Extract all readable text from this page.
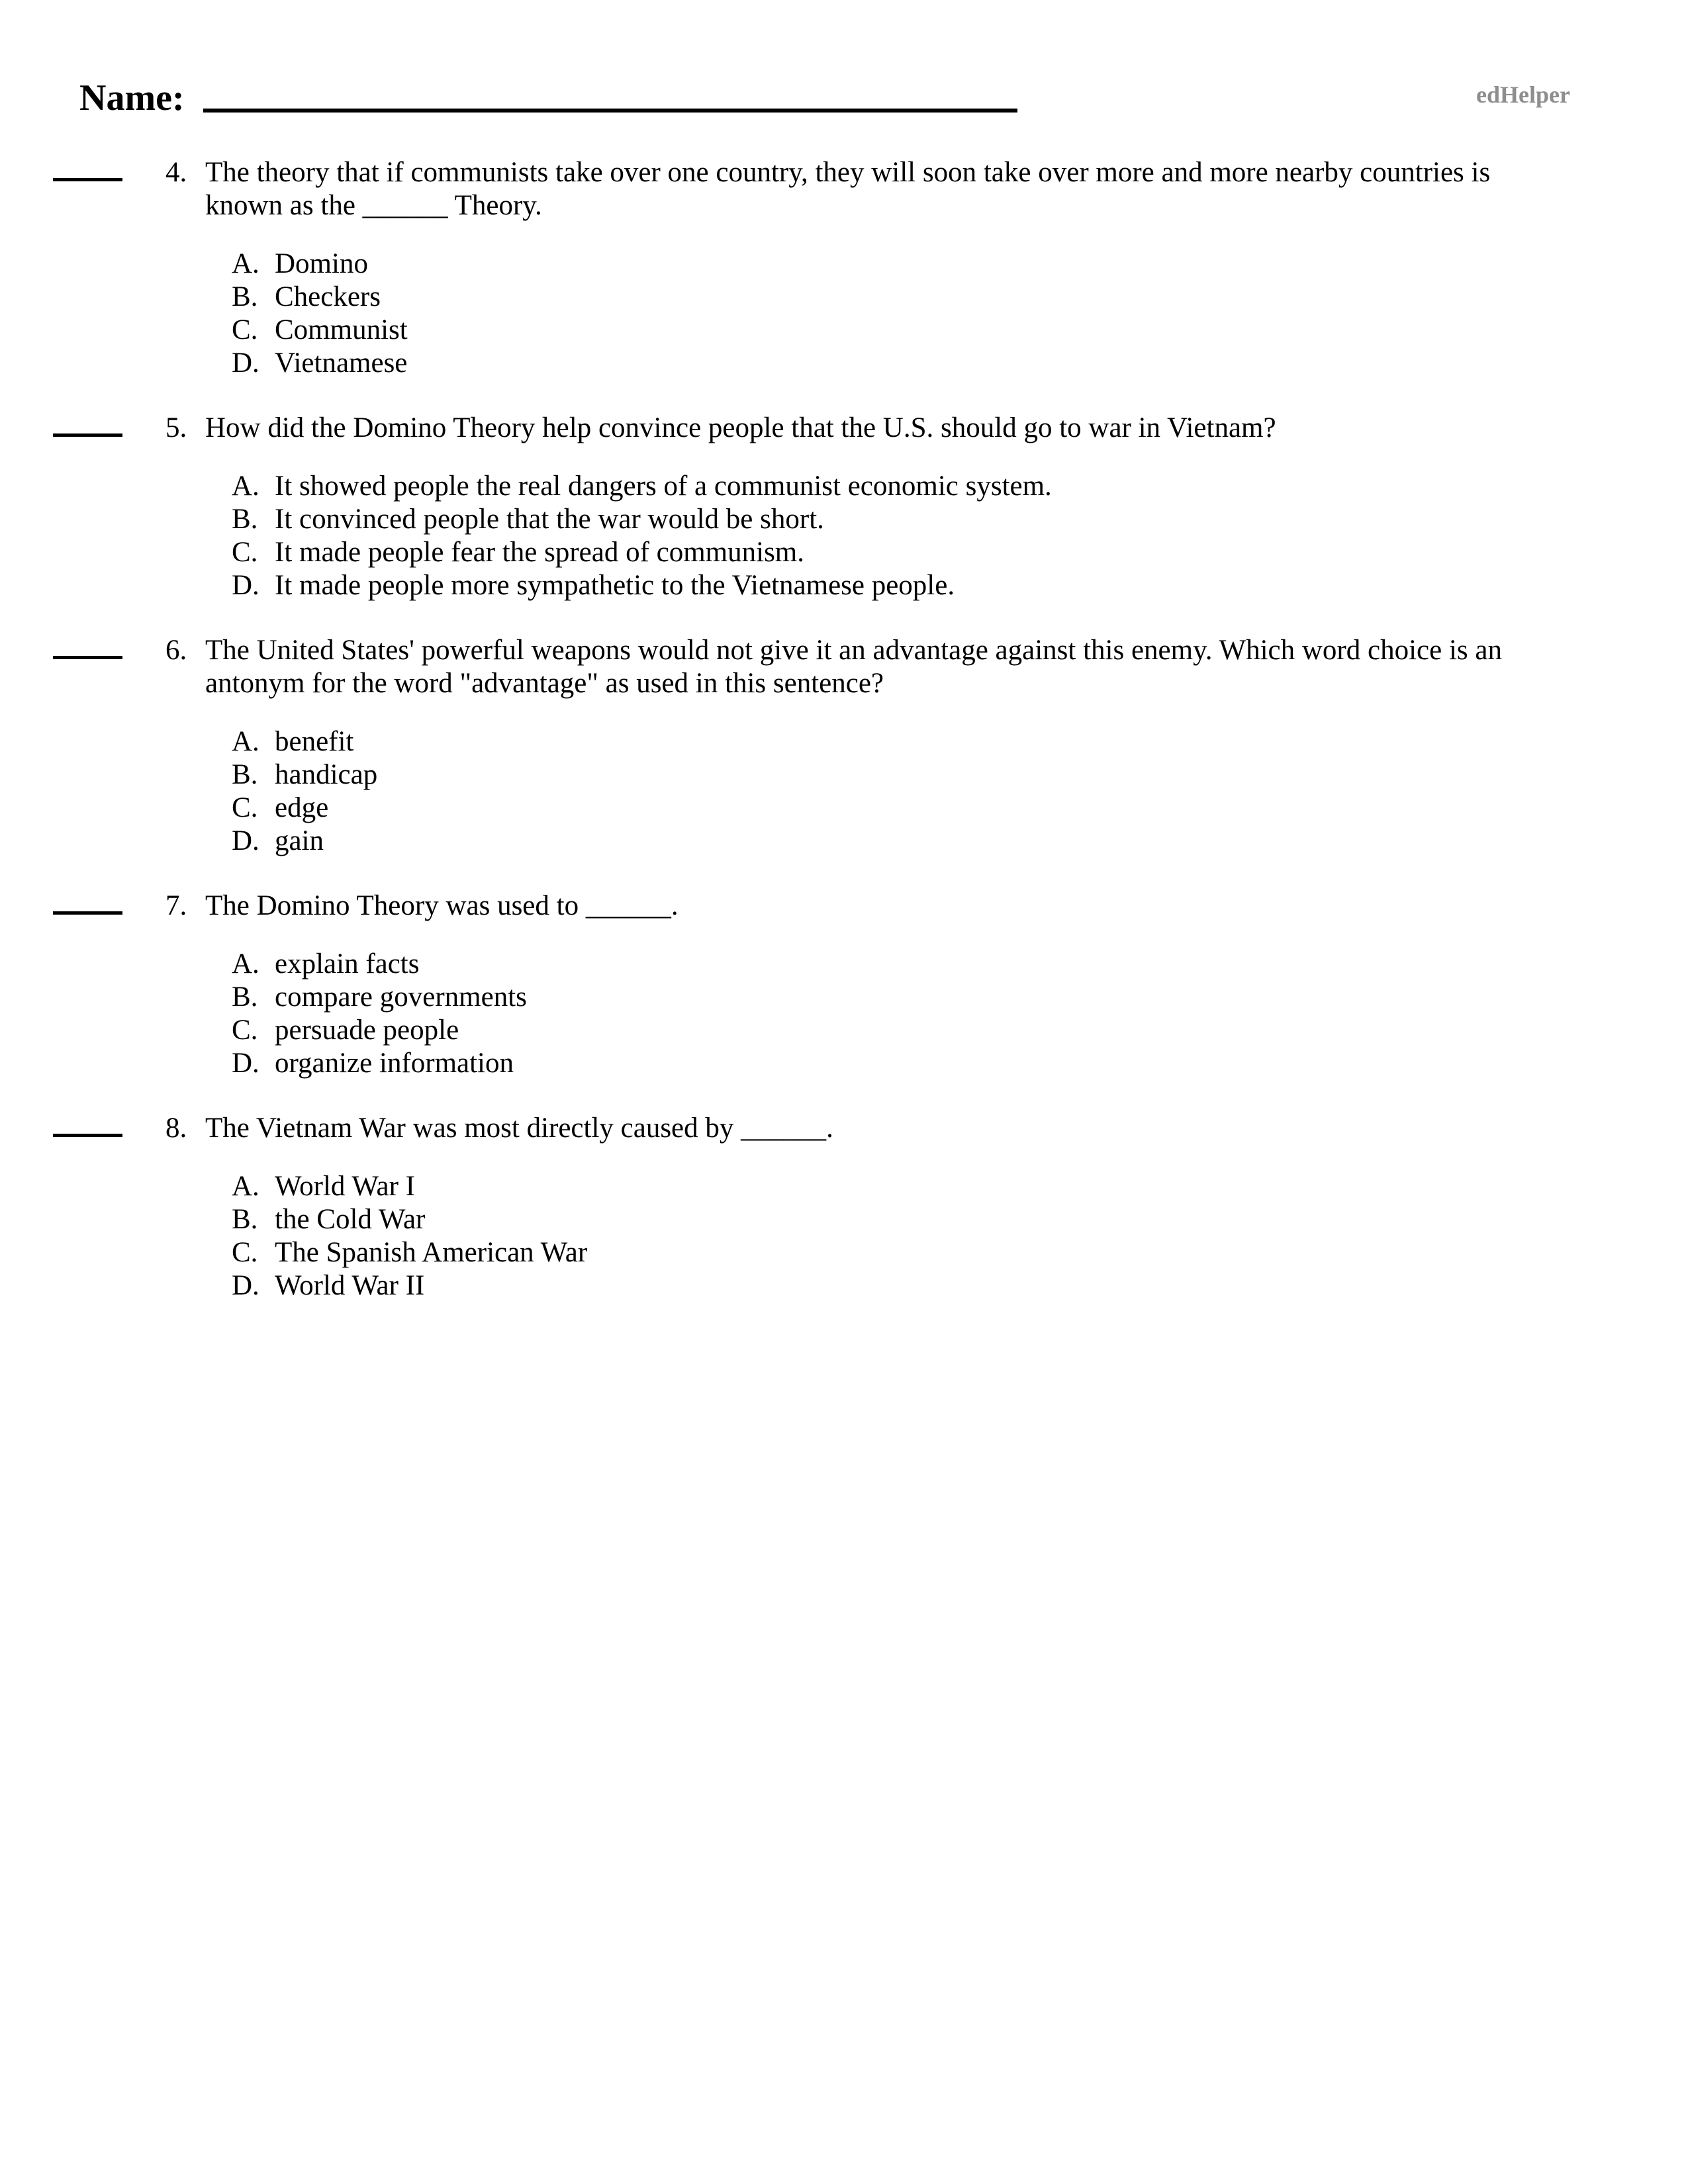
Name:	edHelper
4. The theory that if communists take over one country, they will soon take over more and more nearby countries is known as the ______ Theory.
A. Domino
B. Checkers
C. Communist
D. Vietnamese
5. How did the Domino Theory help convince people that the U.S. should go to war in Vietnam?
A. It showed people the real dangers of a communist economic system.
B. It convinced people that the war would be short.
C. It made people fear the spread of communism.
D. It made people more sympathetic to the Vietnamese people.
6. The United States' powerful weapons would not give it an advantage against this enemy. Which word choice is an antonym for the word "advantage" as used in this sentence?
A. benefit
B. handicap
C. edge
D. gain
7. The Domino Theory was used to ______.
A. explain facts
B. compare governments
C. persuade people
D. organize information
8. The Vietnam War was most directly caused by ______.
A. World War I
B. the Cold War
C. The Spanish American War
D. World War II
